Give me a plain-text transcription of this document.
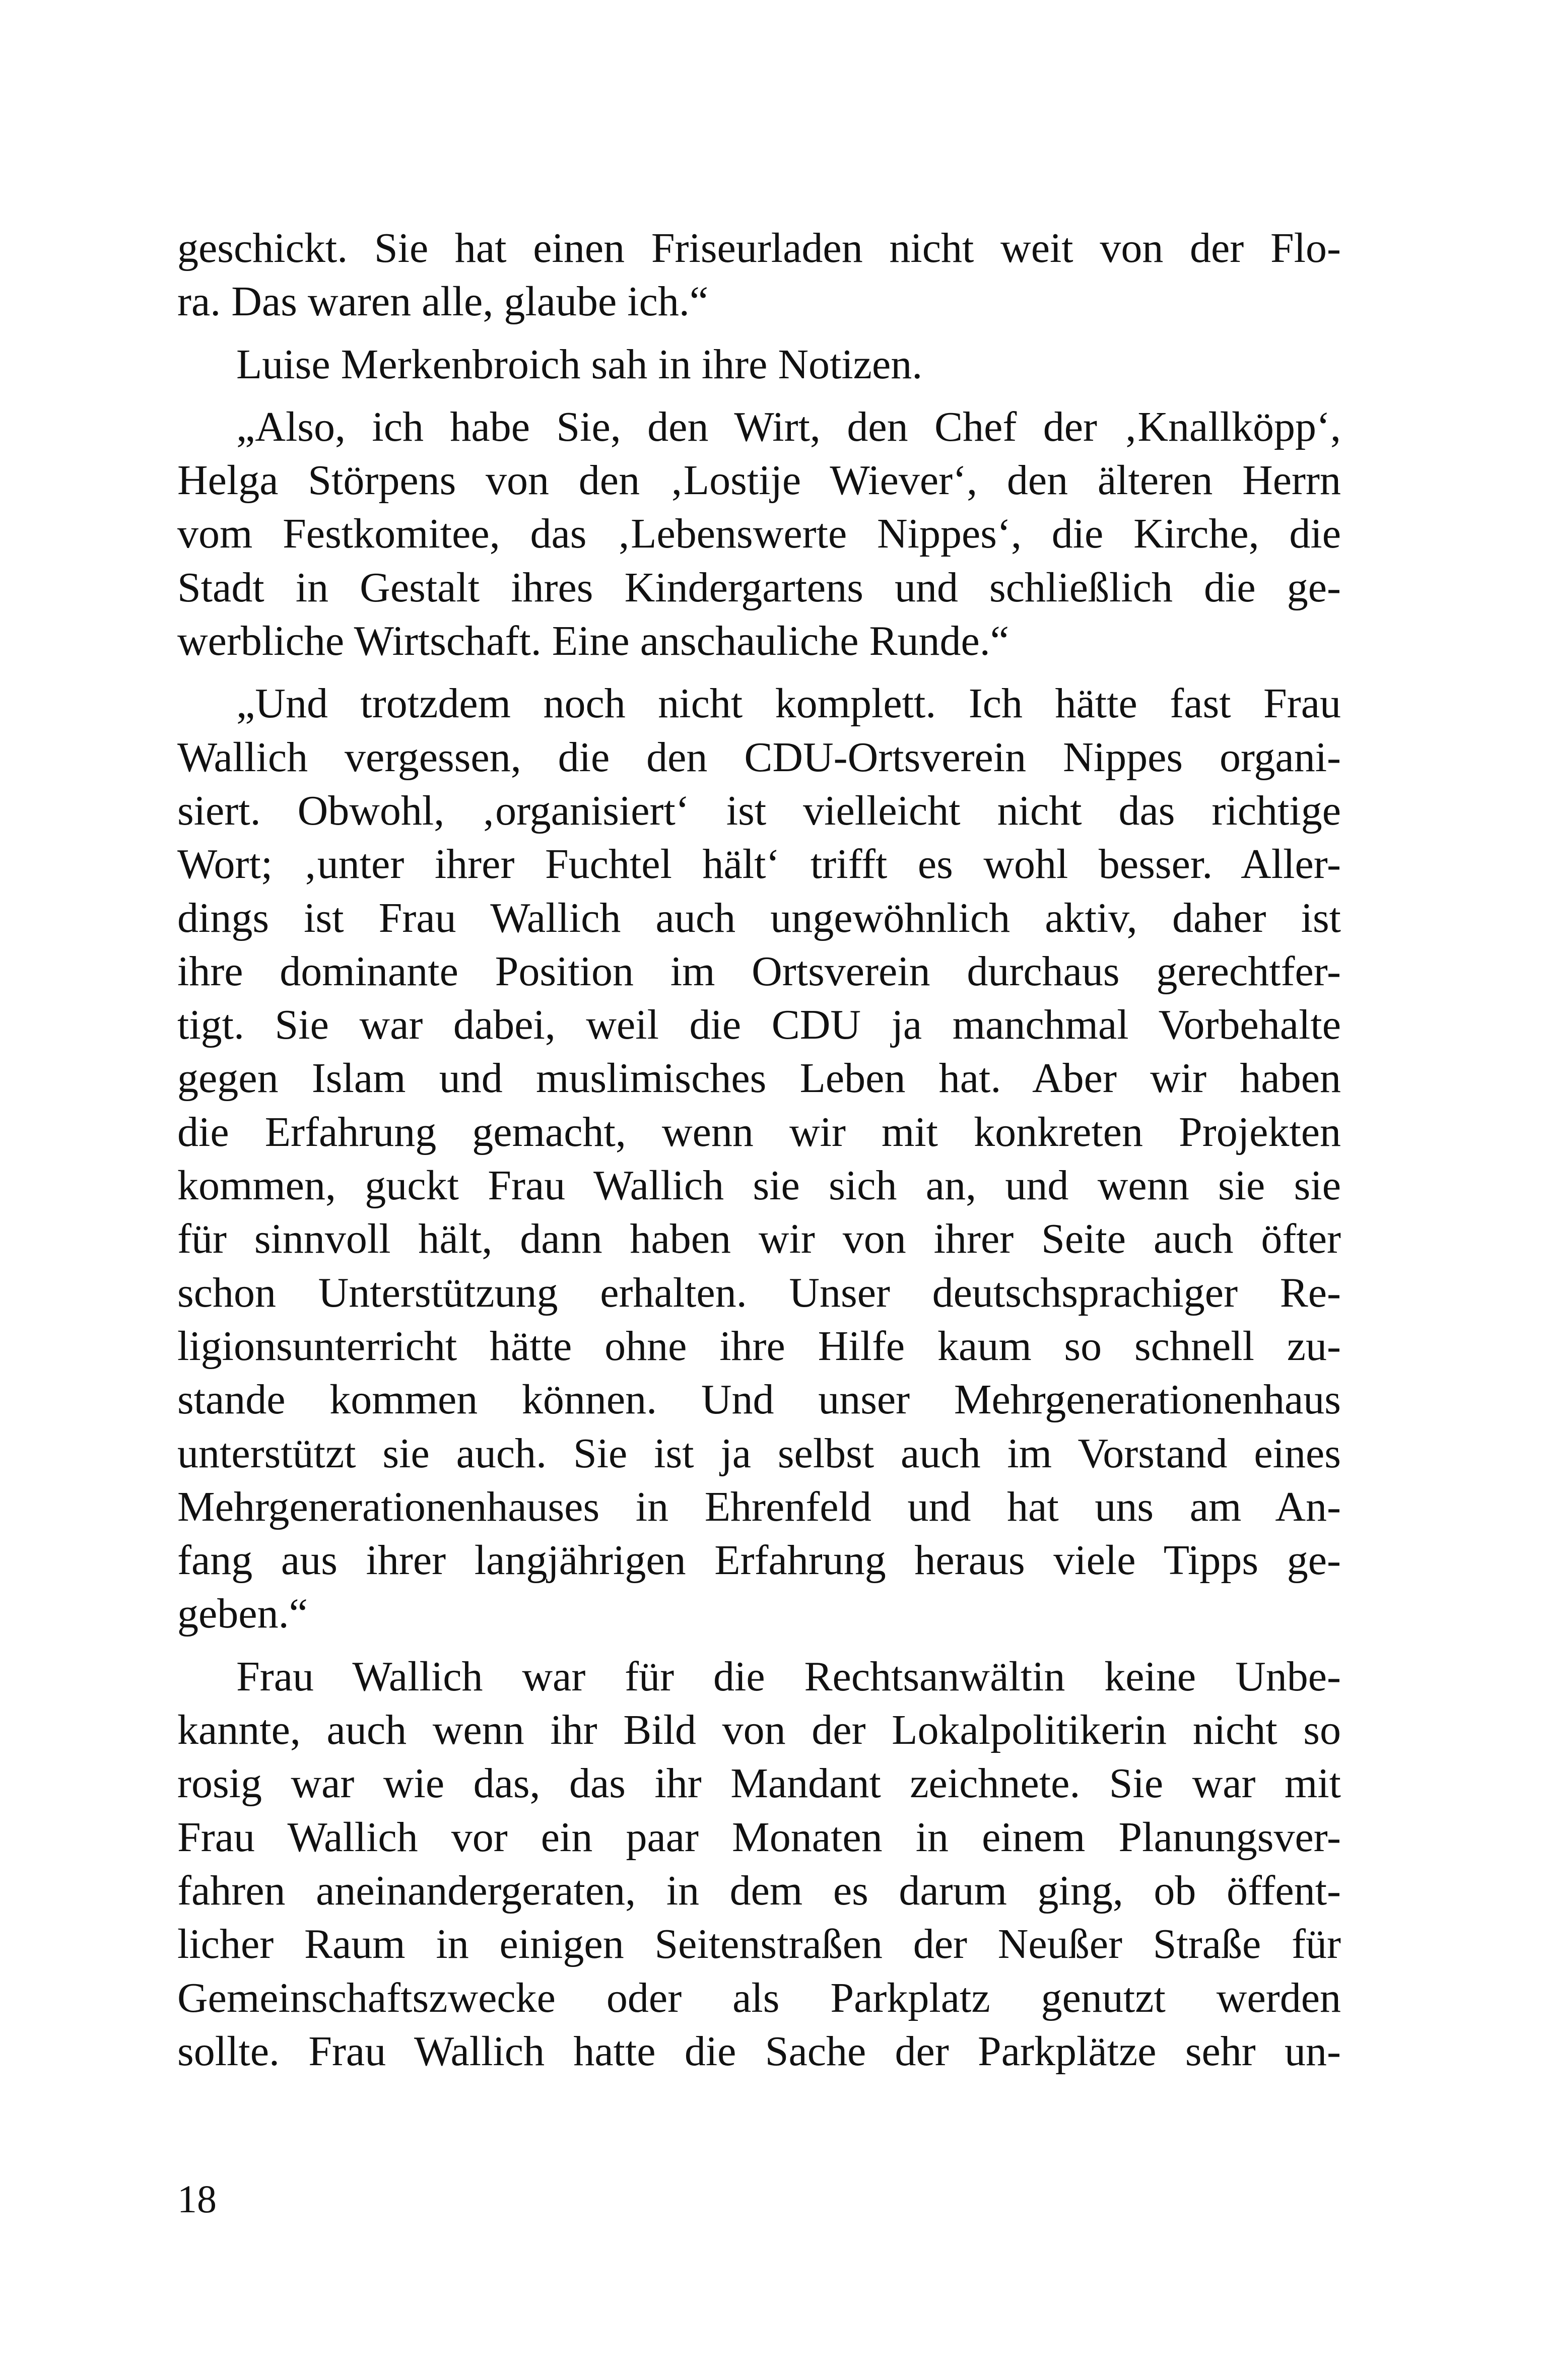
geschickt. Sie hat einen Friseurladen nicht weit von der Flo-
ra. Das waren alle, glaube ich.“
Luise Merkenbroich sah in ihre Notizen.
„Also, ich habe Sie, den Wirt, den Chef der ‚Knallköpp‘,
Helga Störpens von den ‚Lostije Wiever‘, den älteren Herrn
vom Festkomitee, das ‚Lebenswerte Nippes‘, die Kirche, die
Stadt in Gestalt ihres Kindergartens und schließlich die ge-
werbliche Wirtschaft. Eine anschauliche Runde.“
„Und trotzdem noch nicht komplett. Ich hätte fast Frau
Wallich vergessen, die den CDU-Ortsverein Nippes organi-
siert. Obwohl, ‚organisiert‘ ist vielleicht nicht das richtige
Wort; ‚unter ihrer Fuchtel hält‘ trifft es wohl besser. Aller-
dings ist Frau Wallich auch ungewöhnlich aktiv, daher ist
ihre dominante Position im Ortsverein durchaus gerechtfer-
tigt. Sie war dabei, weil die CDU ja manchmal Vorbehalte
gegen Islam und muslimisches Leben hat. Aber wir haben
die Erfahrung gemacht, wenn wir mit konkreten Projekten
kommen, guckt Frau Wallich sie sich an, und wenn sie sie
für sinnvoll hält, dann haben wir von ihrer Seite auch öfter
schon Unterstützung erhalten. Unser deutschsprachiger Re-
ligionsunterricht hätte ohne ihre Hilfe kaum so schnell zu-
stande kommen können. Und unser Mehrgenerationenhaus
unterstützt sie auch. Sie ist ja selbst auch im Vorstand eines
Mehrgenerationenhauses in Ehrenfeld und hat uns am An-
fang aus ihrer langjährigen Erfahrung heraus viele Tipps ge-
geben.“
Frau Wallich war für die Rechtsanwältin keine Unbe-
kannte, auch wenn ihr Bild von der Lokalpolitikerin nicht so
rosig war wie das, das ihr Mandant zeichnete. Sie war mit
Frau Wallich vor ein paar Monaten in einem Planungsver-
fahren aneinandergeraten, in dem es darum ging, ob öffent-
licher Raum in einigen Seitenstraßen der Neußer Straße für
Gemeinschaftszwecke oder als Parkplatz genutzt werden
sollte. Frau Wallich hatte die Sache der Parkplätze sehr un-
18
